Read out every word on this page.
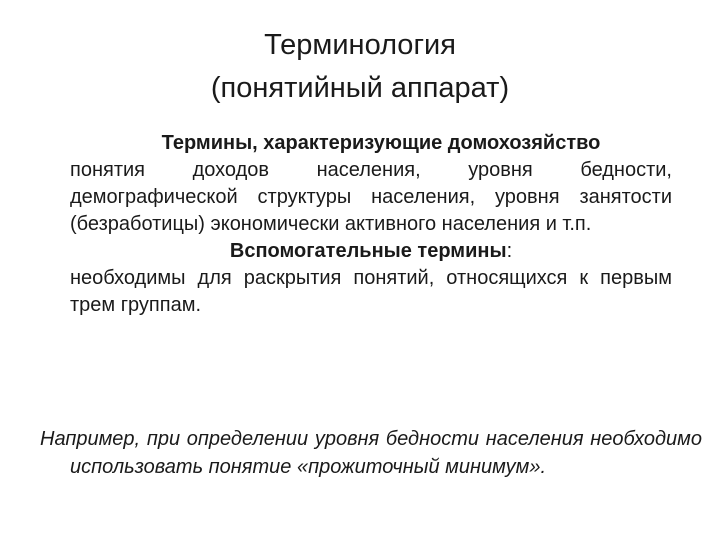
Терминология
(понятийный аппарат)
Термины, характеризующие домохозяйство
понятия доходов населения, уровня бедности, демографической структуры населения, уровня занятости (безработицы) экономически активного населения и т.п.
Вспомогательные термины:
необходимы для раскрытия понятий, относящихся к первым трем группам.
Например, при определении уровня бедности населения необходимо использовать понятие «прожиточный минимум».
